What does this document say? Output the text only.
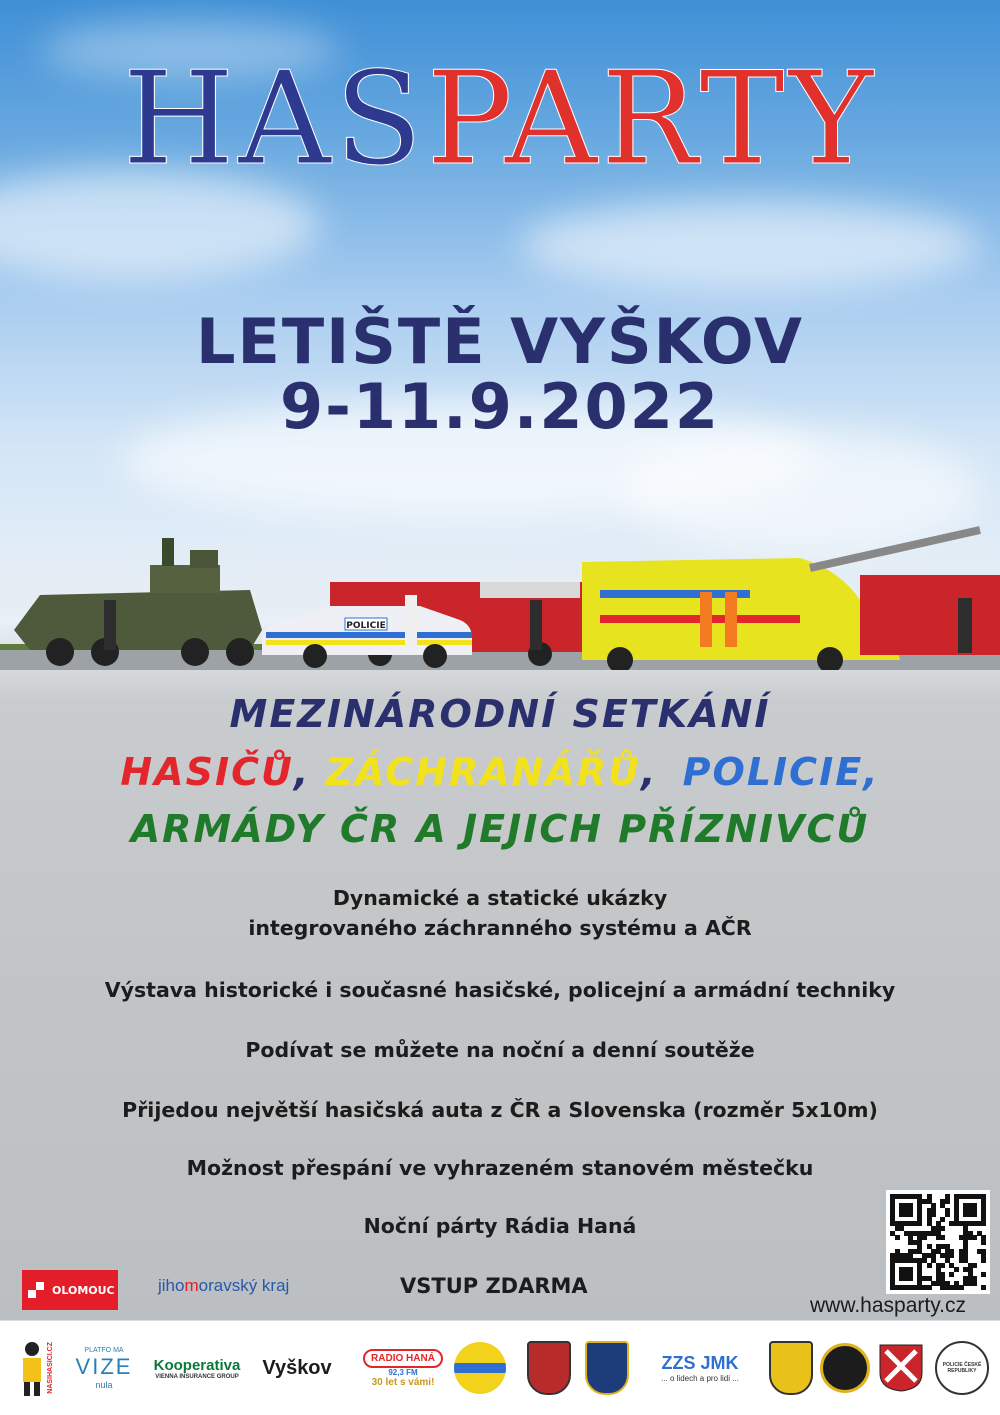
HASPARTY
LETIŠTĚ VYŠKOV
9-11.9.2022
POLICIE
MEZINÁRODNÍ SETKÁNÍ
HASIČŮ, ZÁCHRANÁŘŮ, POLICIE,
ARMÁDY ČR A JEJICH PŘÍZNIVCŮ
Dynamické a statické ukázky
integrovaného záchranného systému a AČR
Výstava historické i současné hasičské, policejní a armádní techniky
Podívat se můžete na noční a denní soutěže
Přijedou největší hasičská auta z ČR a Slovenska (rozměr 5x10m)
Možnost přespání ve vyhrazeném stanovém městečku
Noční párty Rádia Haná
OLOMOUC	jihomoravský kraj	VSTUP ZDARMA
www.hasparty.cz
NASIHASICI.CZ	PLATFO MA
VIZE
nula
Kooperativa
VIENNA INSURANCE GROUP Vyškov	RADIO HANÁ
92,3 FM
30 let s vámi!
ZZS JMK
... o lidech a pro lidi ...
POLICIE ČESKÉ REPUBLIKY
